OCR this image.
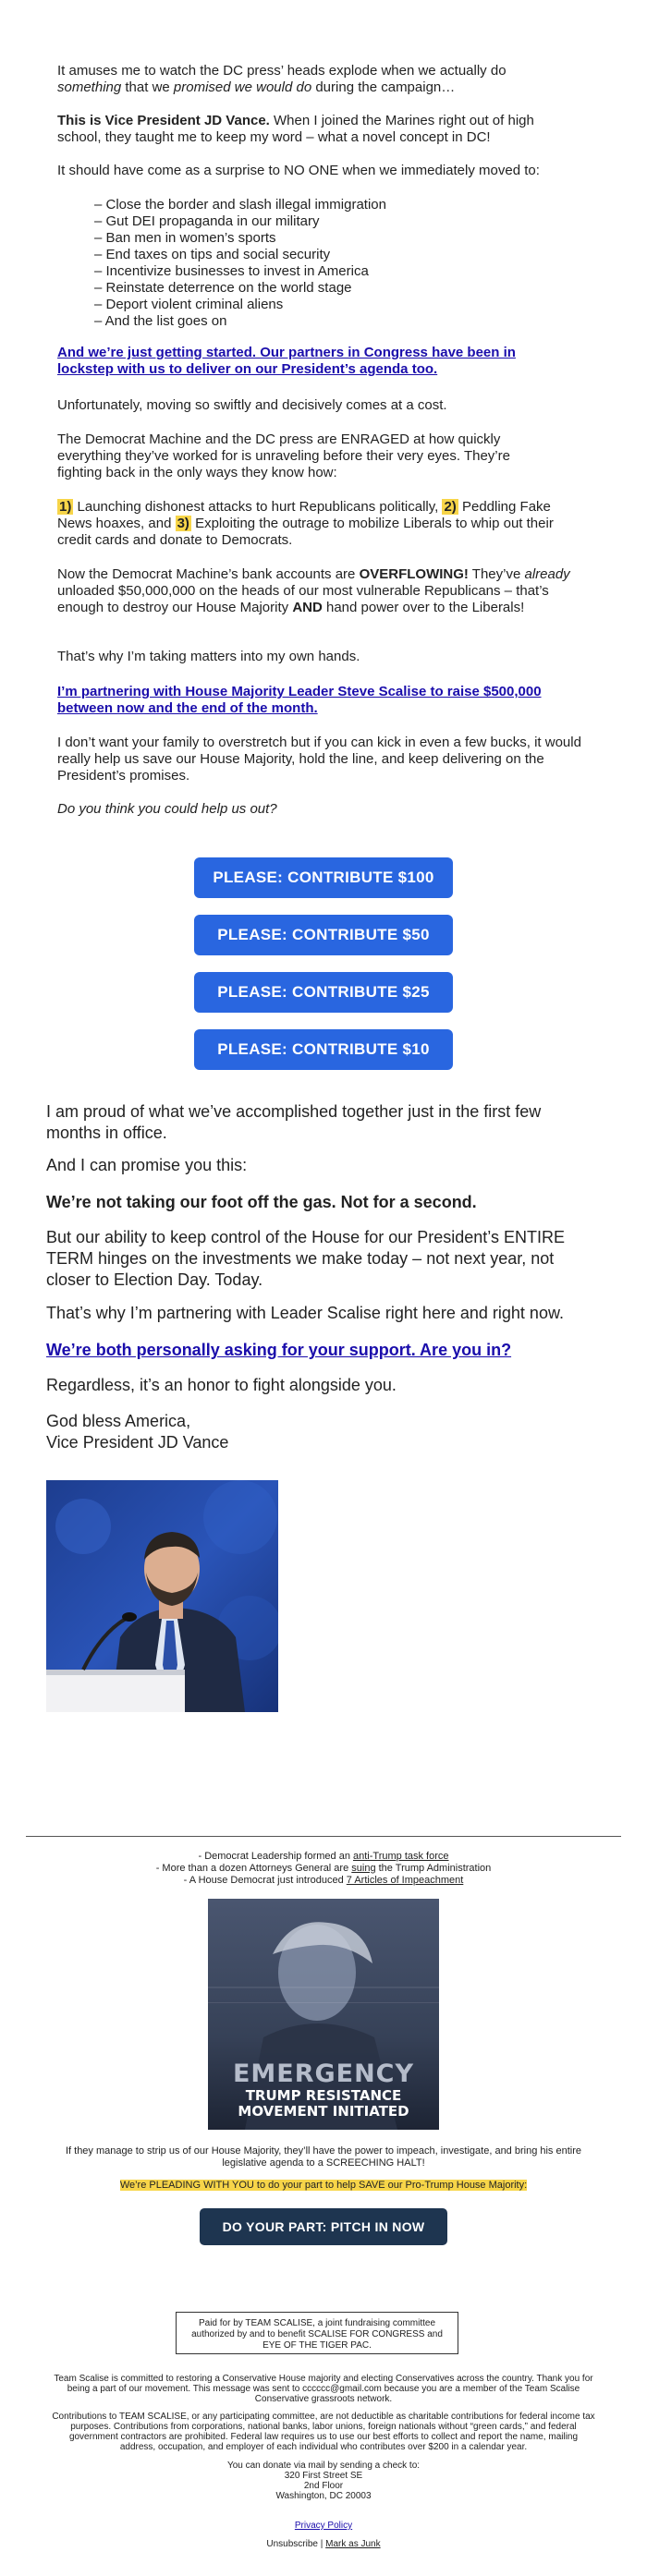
It amuses me to watch the DC press’ heads explode when we actually do something that we promised we would do during the campaign…
This is Vice President JD Vance. When I joined the Marines right out of high school, they taught me to keep my word – what a novel concept in DC!
It should have come as a surprise to NO ONE when we immediately moved to:
– Close the border and slash illegal immigration
– Gut DEI propaganda in our military
– Ban men in women’s sports
– End taxes on tips and social security
– Incentivize businesses to invest in America
– Reinstate deterrence on the world stage
– Deport violent criminal aliens
– And the list goes on
And we’re just getting started. Our partners in Congress have been in lockstep with us to deliver on our President’s agenda too.
Unfortunately, moving so swiftly and decisively comes at a cost.
The Democrat Machine and the DC press are ENRAGED at how quickly everything they’ve worked for is unraveling before their very eyes. They’re fighting back in the only ways they know how:
1) Launching dishonest attacks to hurt Republicans politically, 2) Peddling Fake News hoaxes, and 3) Exploiting the outrage to mobilize Liberals to whip out their credit cards and donate to Democrats.
Now the Democrat Machine’s bank accounts are OVERFLOWING! They’ve already unloaded $50,000,000 on the heads of our most vulnerable Republicans – that’s enough to destroy our House Majority AND hand power over to the Liberals!
That’s why I’m taking matters into my own hands.
I’m partnering with House Majority Leader Steve Scalise to raise $500,000 between now and the end of the month.
I don’t want your family to overstretch but if you can kick in even a few bucks, it would really help us save our House Majority, hold the line, and keep delivering on the President’s promises.
Do you think you could help us out?
PLEASE: CONTRIBUTE $100
PLEASE: CONTRIBUTE $50
PLEASE: CONTRIBUTE $25
PLEASE: CONTRIBUTE $10
I am proud of what we’ve accomplished together just in the first few months in office.
And I can promise you this:
We’re not taking our foot off the gas. Not for a second.
But our ability to keep control of the House for our President’s ENTIRE TERM hinges on the investments we make today – not next year, not closer to Election Day. Today.
That’s why I’m partnering with Leader Scalise right here and right now.
We’re both personally asking for your support. Are you in?
Regardless, it’s an honor to fight alongside you.
God bless America,
Vice President JD Vance
- Democrat Leadership formed an anti-Trump task force
- More than a dozen Attorneys General are suing the Trump Administration
- A House Democrat just introduced 7 Articles of Impeachment
EMERGENCY
TRUMP RESISTANCE
MOVEMENT INITIATED
If they manage to strip us of our House Majority, they’ll have the power to impeach, investigate, and bring his entire legislative agenda to a SCREECHING HALT!
We’re PLEADING WITH YOU to do your part to help SAVE our Pro-Trump House Majority:
DO YOUR PART: PITCH IN NOW
Paid for by TEAM SCALISE, a joint fundraising committee authorized by and to benefit SCALISE FOR CONGRESS and EYE OF THE TIGER PAC.
Team Scalise is committed to restoring a Conservative House majority and electing Conservatives across the country. Thank you for being a part of our movement. This message was sent to cccccc@gmail.com because you are a member of the Team Scalise Conservative grassroots network.
Contributions to TEAM SCALISE, or any participating committee, are not deductible as charitable contributions for federal income tax purposes. Contributions from corporations, national banks, labor unions, foreign nationals without “green cards,” and federal government contractors are prohibited. Federal law requires us to use our best efforts to collect and report the name, mailing address, occupation, and employer of each individual who contributes over $200 in a calendar year.
You can donate via mail by sending a check to:
320 First Street SE
2nd Floor
Washington, DC 20003
Privacy Policy
Unsubscribe | Mark as Junk
